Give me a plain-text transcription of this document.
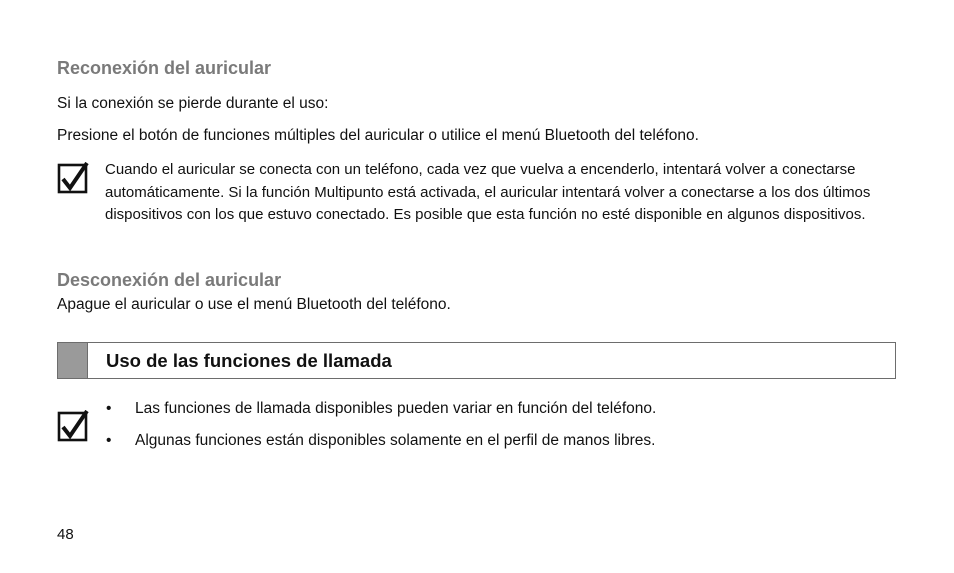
Reconexión del auricular
Si la conexión se pierde durante el uso:
Presione el botón de funciones múltiples del auricular o utilice el menú Bluetooth del teléfono.
Cuando el auricular se conecta con un teléfono, cada vez que vuelva a encenderlo, intentará volver a conectarse automáticamente. Si la función Multipunto está activada, el auricular intentará volver a conectarse a los dos últimos dispositivos con los que estuvo conectado. Es posible que esta función no esté disponible en algunos dispositivos.
Desconexión del auricular
Apague el auricular o use el menú Bluetooth del teléfono.
Uso de las funciones de llamada
• Las funciones de llamada disponibles pueden variar en función del teléfono.
• Algunas funciones están disponibles solamente en el perfil de manos libres.
48
